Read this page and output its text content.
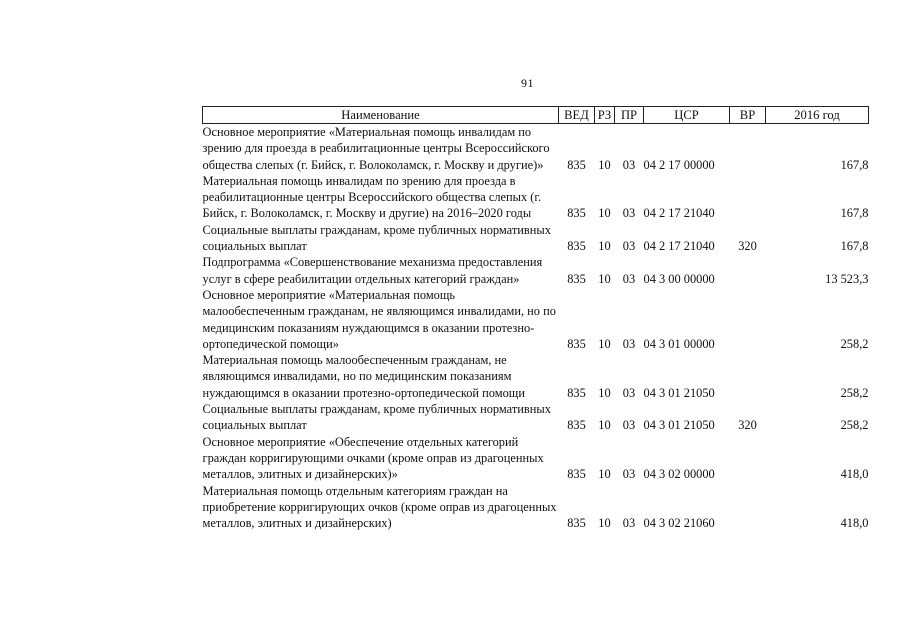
91
Наименование	ВЕД	РЗ	ПР	ЦСР	ВР	2016 год
Основное мероприятие «Материальная помощь инвалидам по зрению для проезда в реабилитационные центры Всероссийского общества слепых (г. Бийск, г. Волоколамск, г. Москву и другие)»	835	10	03	04 2 17 00000		167,8
Материальная помощь инвалидам по зрению для проезда в реабилитационные центры Всероссийского общества слепых (г. Бийск, г. Волоколамск, г. Москву и другие) на 2016–2020 годы	835	10	03	04 2 17 21040		167,8
Социальные выплаты гражданам, кроме публичных нормативных социальных выплат	835	10	03	04 2 17 21040	320	167,8
Подпрограмма «Совершенствование механизма предоставления услуг в сфере реабилитации отдельных категорий граждан»	835	10	03	04 3 00 00000		13 523,3
Основное мероприятие «Материальная помощь малообеспеченным гражданам, не являющимся инвалидами, но по медицинским показаниям нуждающимся в оказании протезно-ортопедической помощи»	835	10	03	04 3 01 00000		258,2
Материальная помощь малообеспеченным гражданам, не являющимся инвалидами, но по медицинским показаниям нуждающимся в оказании протезно-ортопедической помощи	835	10	03	04 3 01 21050		258,2
Социальные выплаты гражданам, кроме публичных нормативных социальных выплат	835	10	03	04 3 01 21050	320	258,2
Основное мероприятие «Обеспечение отдельных категорий граждан корригирующими очками (кроме оправ из драгоценных металлов, элитных и дизайнерских)»	835	10	03	04 3 02 00000		418,0
Материальная помощь отдельным категориям граждан на приобретение корригирующих очков (кроме оправ из драгоценных металлов, элитных и дизайнерских)	835	10	03	04 3 02 21060		418,0
